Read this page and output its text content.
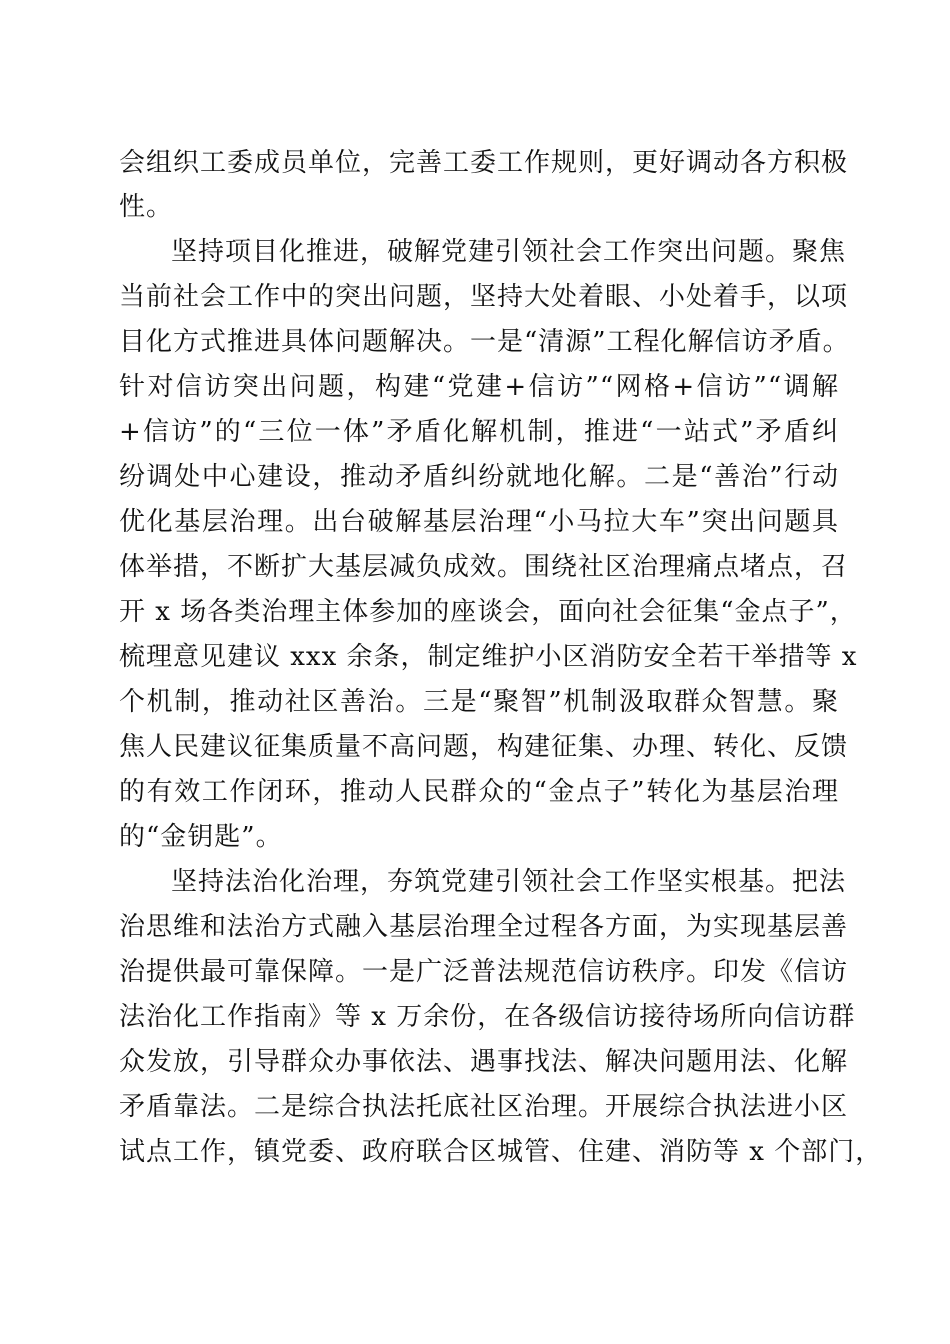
会组织工委成员单位，完善工委工作规则，更好调动各方积极
性。
坚持项目化推进，破解党建引领社会工作突出问题。聚焦
当前社会工作中的突出问题，坚持大处着眼、小处着手，以项
目化方式推进具体问题解决。一是“清源”工程化解信访矛盾。
针对信访突出问题，构建“党建+信访”“网格+信访”“调解
+信访”的“三位一体”矛盾化解机制，推进“一站式”矛盾纠
纷调处中心建设，推动矛盾纠纷就地化解。二是“善治”行动
优化基层治理。出台破解基层治理“小马拉大车”突出问题具
体举措，不断扩大基层减负成效。围绕社区治理痛点堵点，召
开 x 场各类治理主体参加的座谈会，面向社会征集“金点子”，
梳理意见建议 xxx 余条，制定维护小区消防安全若干举措等 x
个机制，推动社区善治。三是“聚智”机制汲取群众智慧。聚
焦人民建议征集质量不高问题，构建征集、办理、转化、反馈
的有效工作闭环，推动人民群众的“金点子”转化为基层治理
的“金钥匙”。
坚持法治化治理，夯筑党建引领社会工作坚实根基。把法
治思维和法治方式融入基层治理全过程各方面，为实现基层善
治提供最可靠保障。一是广泛普法规范信访秩序。印发《信访
法治化工作指南》等 x 万余份，在各级信访接待场所向信访群
众发放，引导群众办事依法、遇事找法、解决问题用法、化解
矛盾靠法。二是综合执法托底社区治理。开展综合执法进小区
试点工作，镇党委、政府联合区城管、住建、消防等 x 个部门，
